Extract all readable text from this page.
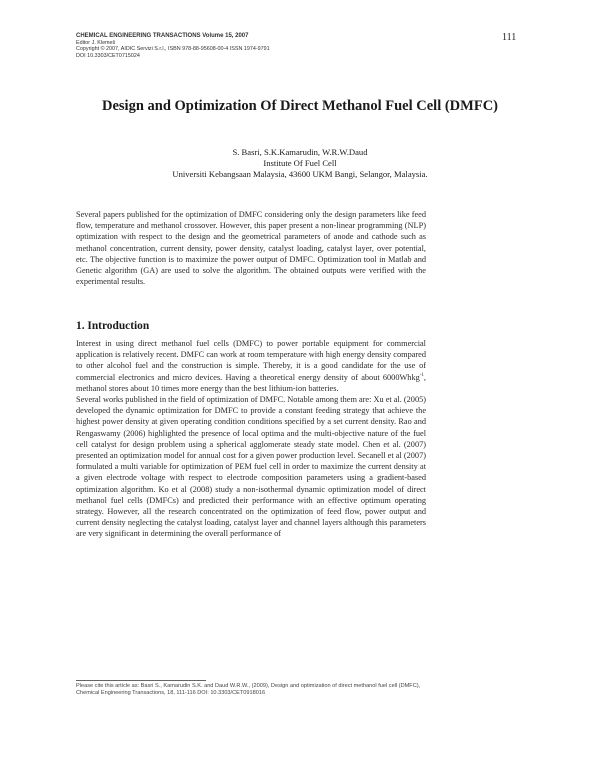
CHEMICAL ENGINEERING TRANSACTIONS Volume 15, 2007
Editor J. Klemeš
Copyright © 2007, AIDIC Servizi S.r.l., ISBN 978-88-95608-00-4 ISSN 1974-9791
DOI 10.3303/CET0715024
111
Design and Optimization Of Direct Methanol Fuel Cell (DMFC)
S. Basri, S.K.Kamarudin, W.R.W.Daud
Institute Of Fuel Cell
Universiti Kebangsaan Malaysia, 43600 UKM Bangi, Selangor, Malaysia.
Several papers published for the optimization of DMFC considering only the design parameters like feed flow, temperature and methanol crossover. However, this paper present a non-linear programming (NLP) optimization with respect to the design and the geometrical parameters of anode and cathode such as methanol concentration, current density, power density, catalyst loading, catalyst layer, over potential, etc. The objective function is to maximize the power output of DMFC. Optimization tool in Matlab and Genetic algorithm (GA) are used to solve the algorithm. The obtained outputs were verified with the experimental results.
1. Introduction

Interest in using direct methanol fuel cells (DMFC) to power portable equipment for commercial application is relatively recent. DMFC can work at room temperature with high energy density compared to other alcohol fuel and the construction is simple. Thereby, it is a good candidate for the use of commercial electronics and micro devices. Having a theoretical energy density of about 6000Whkg$^{-1}$, methanol stores about 10 times more energy than the best lithium-ion batteries.

Several works published in the field of optimization of DMFC. Notable among them are: Xu et al. (2005) developed the dynamic optimization for DMFC to provide a constant feeding strategy that achieve the highest power density at given operating condition conditions specified by a set current density. Rao and Rengaswamy (2006) highlighted the presence of local optima and the multi-objective nature of the fuel cell catalyst for design problem using a spherical agglomerate steady state model. Chen et al. (2007) presented an optimization model for annual cost for a given power production level. Secanell et al (2007) formulated a multi variable for optimization of PEM fuel cell in order to maximize the current density at a given electrode voltage with respect to electrode composition parameters using a gradient-based optimization algorithm. Ko et al (2008) study a non-isothermal dynamic optimization model of direct methanol fuel cells (DMFCs) and predicted their performance with an effective optimum operating strategy. However, all the research concentrated on the optimization of feed flow, power output and current density neglecting the catalyst loading, catalyst layer and channel layers although this parameters are very significant in determining the overall performance of

Please cite this article as: Basri S., Kamarudin S.K. and Daud W.R.W., (2009), Design and optimization of direct methanol fuel cell (DMFC), Chemical Engineering Transactions, 18, 111-116 DOI: 10.3303/CET0918016
